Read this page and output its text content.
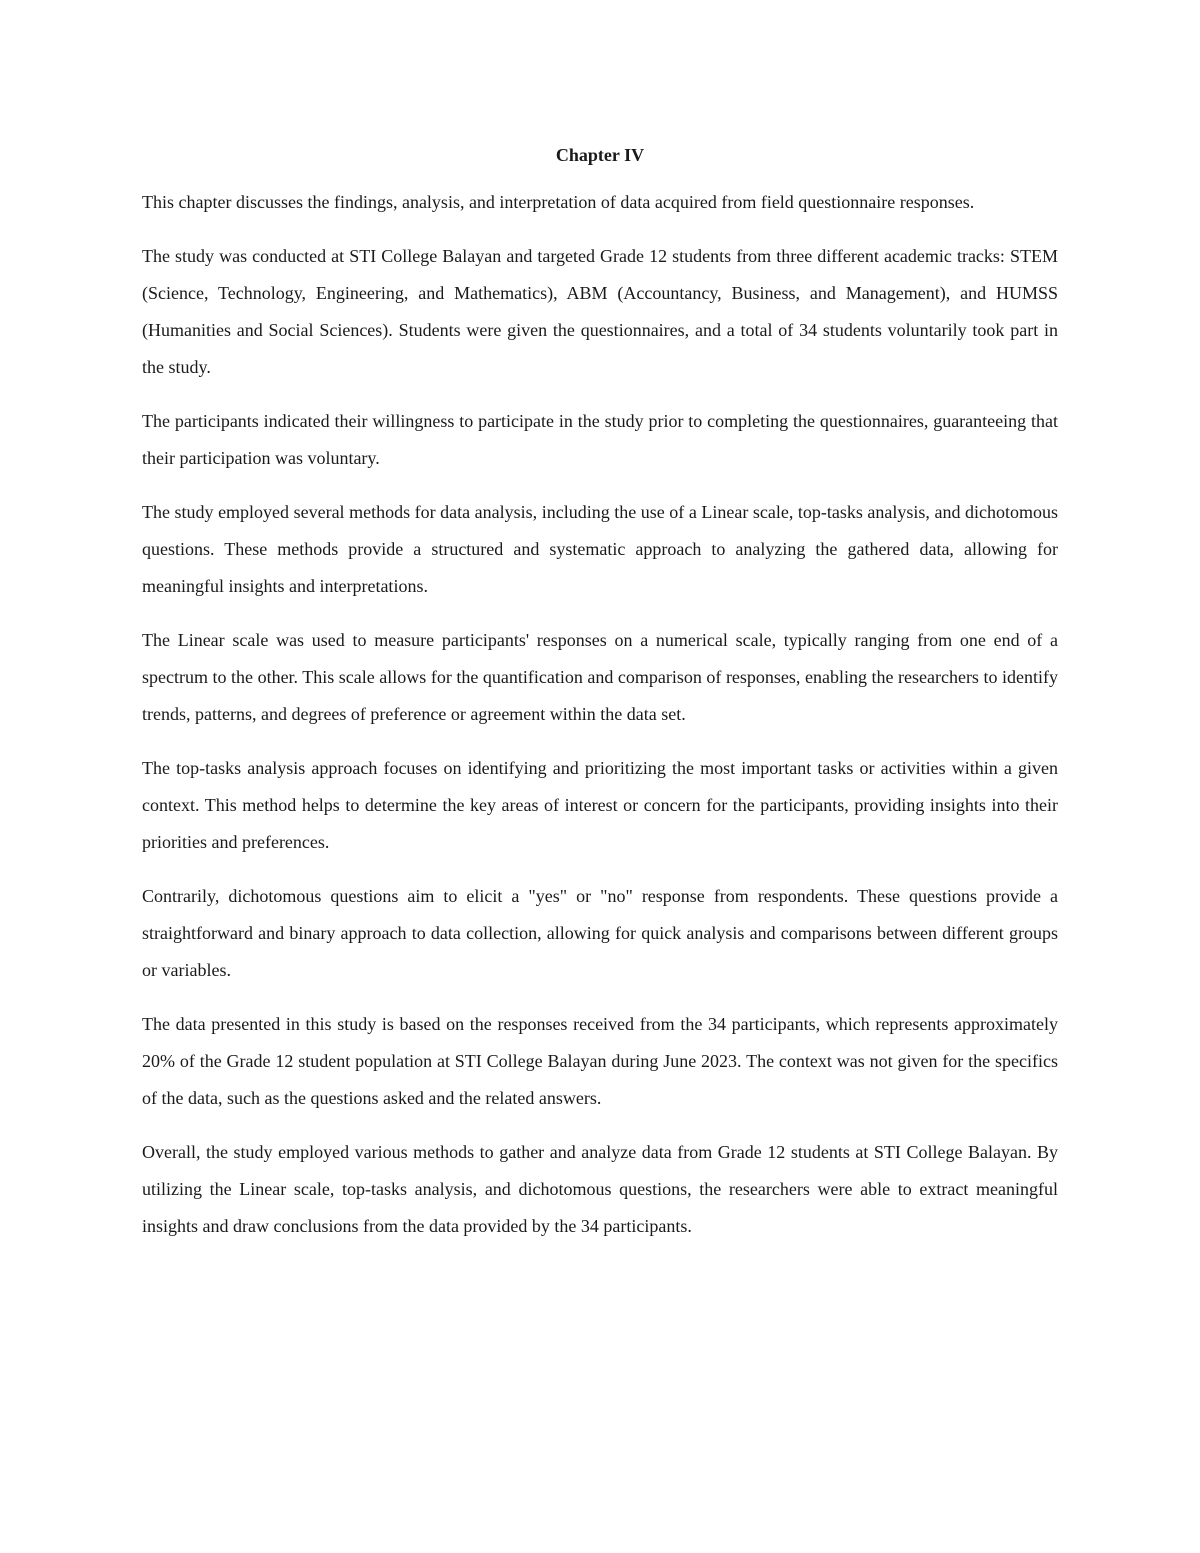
Chapter IV

This chapter discusses the findings, analysis, and interpretation of data acquired from field questionnaire responses.

The study was conducted at STI College Balayan and targeted Grade 12 students from three different academic tracks: STEM (Science, Technology, Engineering, and Mathematics), ABM (Accountancy, Business, and Management), and HUMSS (Humanities and Social Sciences). Students were given the questionnaires, and a total of 34 students voluntarily took part in the study.

The participants indicated their willingness to participate in the study prior to completing the questionnaires, guaranteeing that their participation was voluntary.

The study employed several methods for data analysis, including the use of a Linear scale, top-tasks analysis, and dichotomous questions. These methods provide a structured and systematic approach to analyzing the gathered data, allowing for meaningful insights and interpretations.

The Linear scale was used to measure participants' responses on a numerical scale, typically ranging from one end of a spectrum to the other. This scale allows for the quantification and comparison of responses, enabling the researchers to identify trends, patterns, and degrees of preference or agreement within the data set.

The top-tasks analysis approach focuses on identifying and prioritizing the most important tasks or activities within a given context. This method helps to determine the key areas of interest or concern for the participants, providing insights into their priorities and preferences.

Contrarily, dichotomous questions aim to elicit a "yes" or "no" response from respondents. These questions provide a straightforward and binary approach to data collection, allowing for quick analysis and comparisons between different groups or variables.

The data presented in this study is based on the responses received from the 34 participants, which represents approximately 20% of the Grade 12 student population at STI College Balayan during June 2023. The context was not given for the specifics of the data, such as the questions asked and the related answers.

Overall, the study employed various methods to gather and analyze data from Grade 12 students at STI College Balayan. By utilizing the Linear scale, top-tasks analysis, and dichotomous questions, the researchers were able to extract meaningful insights and draw conclusions from the data provided by the 34 participants.
